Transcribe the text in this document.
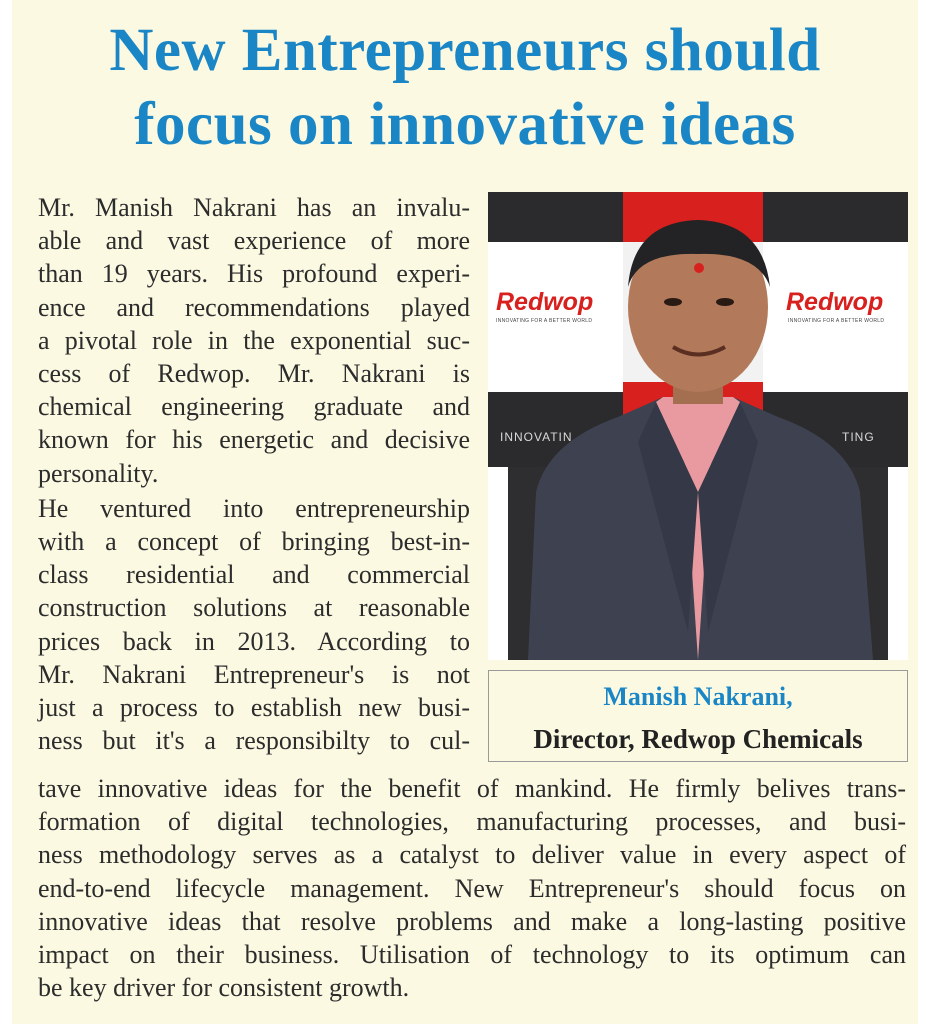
New Entrepreneurs should
focus on innovative ideas

Mr. Manish Nakrani has an invalu-
able and vast experience of more
than 19 years. His profound experi-
ence and recommendations played
a pivotal role in the exponential suc-
cess of Redwop. Mr. Nakrani is
chemical engineering graduate and
known for his energetic and decisive
personality.

He ventured into entrepreneurship
with a concept of bringing best-in-
class residential and commercial
construction solutions at reasonable
prices back in 2013. According to
Mr. Nakrani Entrepreneur's is not
just a process to establish new busi-
ness but it's a responsibilty to cul-

Redwop
INNOVATING FOR A BETTER WORLD
Redwop
INNOVATING FOR A BETTER WORLD
INNOVATIN	TING
Manish Nakrani,
Director, Redwop Chemicals

tave innovative ideas for the benefit of mankind. He firmly belives trans-
formation of digital technologies, manufacturing processes, and busi-
ness methodology serves as a catalyst to deliver value in every aspect of
end-to-end lifecycle management. New Entrepreneur's should focus on
innovative ideas that resolve problems and make a long-lasting positive
impact on their business. Utilisation of technology to its optimum can
be key driver for consistent growth.
